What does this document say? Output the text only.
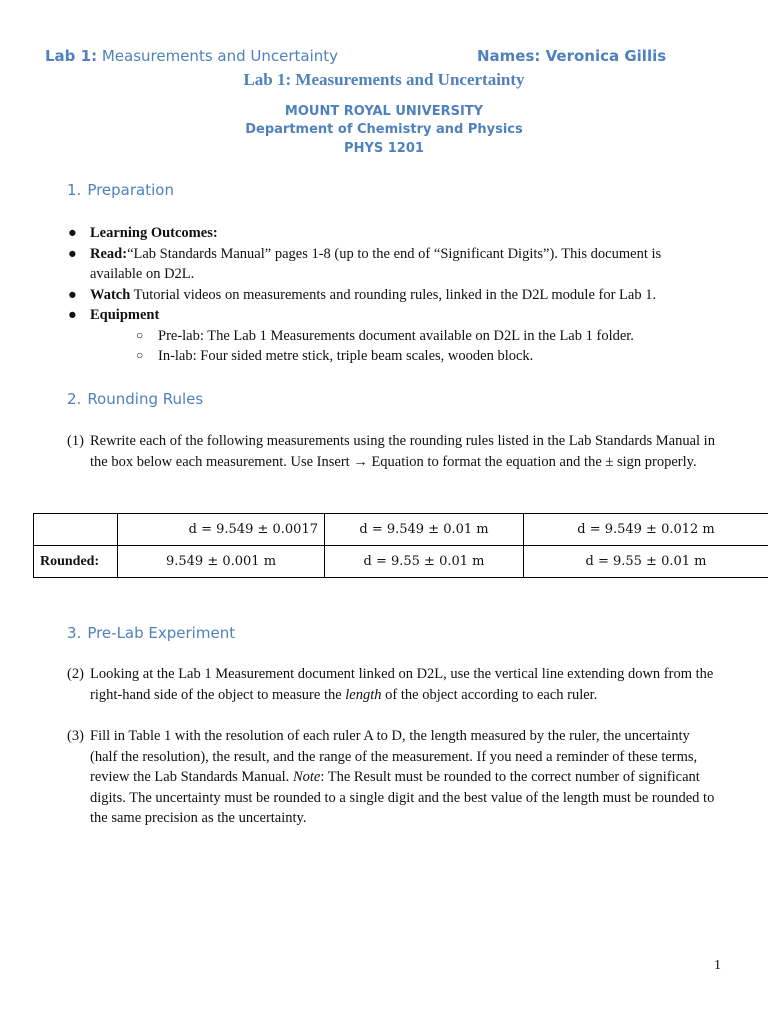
Lab 1: Measurements and Uncertainty	Names: Veronica Gillis
Lab 1: Measurements and Uncertainty
MOUNT ROYAL UNIVERSITY
Department of Chemistry and Physics
PHYS 1201
1. Preparation
● Learning Outcomes:
● Read:“Lab Standards Manual” pages 1-8 (up to the end of “Significant Digits”). This document is available on D2L.
● Watch Tutorial videos on measurements and rounding rules, linked in the D2L module for Lab 1.
● Equipment
○ Pre-lab: The Lab 1 Measurements document available on D2L in the Lab 1 folder.
○ In-lab: Four sided metre stick, triple beam scales, wooden block.
2. Rounding Rules
(1) Rewrite each of the following measurements using the rounding rules listed in the Lab Standards Manual in the box below each measurement. Use Insert → Equation to format the equation and the ± sign properly.
	d = 9.549 ± 0.0017	d = 9.549 ± 0.01 m	d = 9.549 ± 0.012 m
Rounded:	9.549 ± 0.001 m	d = 9.55 ± 0.01 m	d = 9.55 ± 0.01 m
3. Pre-Lab Experiment
(2) Looking at the Lab 1 Measurement document linked on D2L, use the vertical line extending down from the right-hand side of the object to measure the length of the object according to each ruler.
(3) Fill in Table 1 with the resolution of each ruler A to D, the length measured by the ruler, the uncertainty (half the resolution), the result, and the range of the measurement. If you need a reminder of these terms, review the Lab Standards Manual. Note: The Result must be rounded to the correct number of significant digits. The uncertainty must be rounded to a single digit and the best value of the length must be rounded to the same precision as the uncertainty.
1
